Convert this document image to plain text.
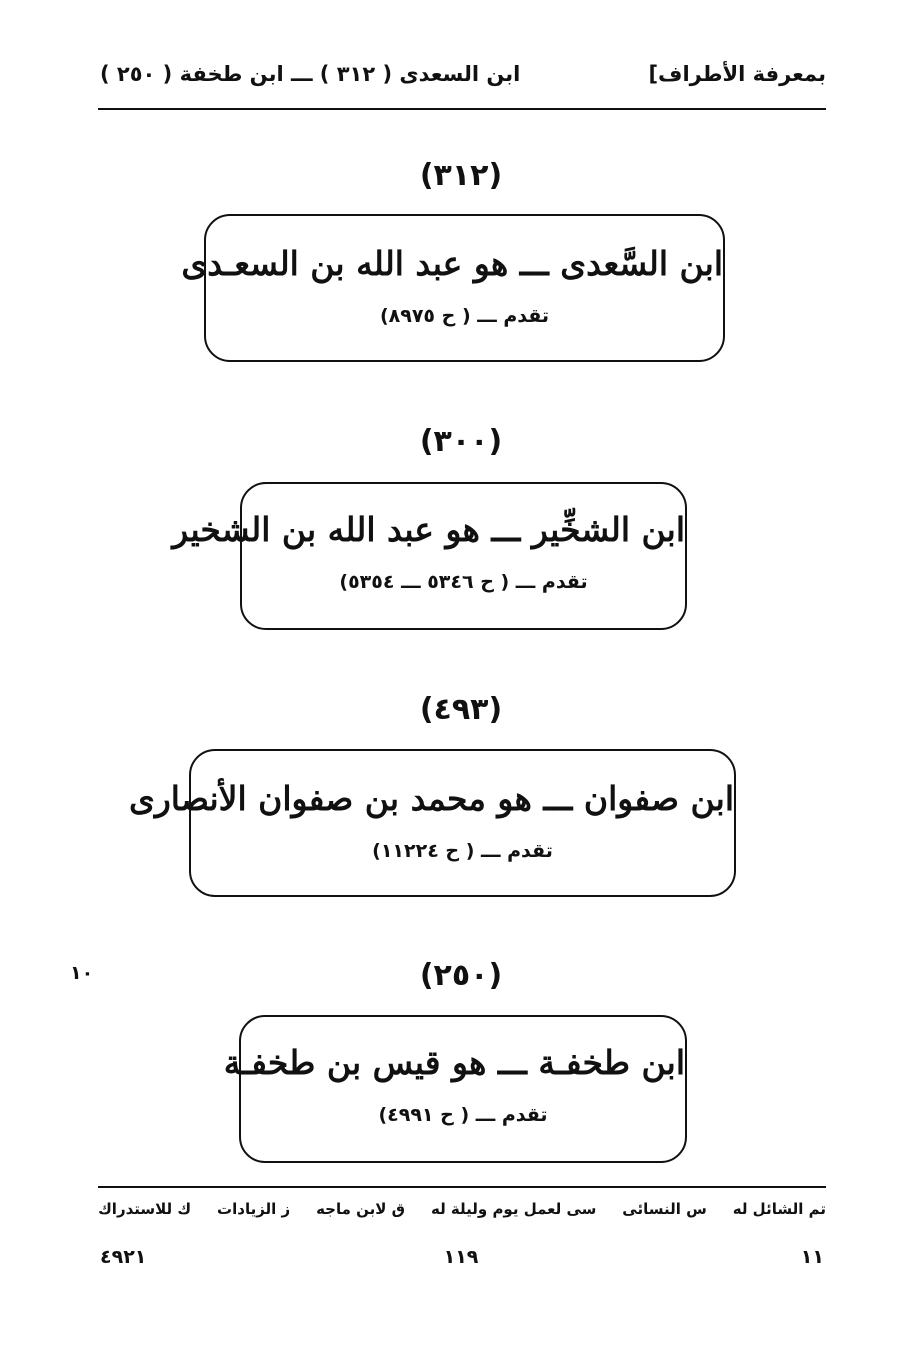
بمعرفة الأطراف]
ابن السعدى ( ٣١٢ ) ـــ ابن طخفة ( ٢٥٠ )
(٣١٢)
ابن السَّعدى ـــ هو عبد الله بن السعـدى
تقدم ـــ ( ح ٨٩٧٥)
(٣٠٠)
ابن الشخِّير ـــ هو عبد الله بن الشخير
تقدم ـــ ( ح ٥٣٤٦ ـــ ٥٣٥٤)
(٤٩٣)
ابن صفوان ـــ هو محمد بن صفوان الأنصارى
تقدم ـــ ( ح ١١٢٢٤)
١٠	(٢٥٠)
ابن طخفـة ـــ هو قيس بن طخفـة
تقدم ـــ ( ح ٤٩٩١)
تم الشائل له
س النسائى
سى لعمل يوم وليلة له
ق لابن ماجه
ز الزيادات
ك للاستدراك
١١
١١٩
٤٩٢١
